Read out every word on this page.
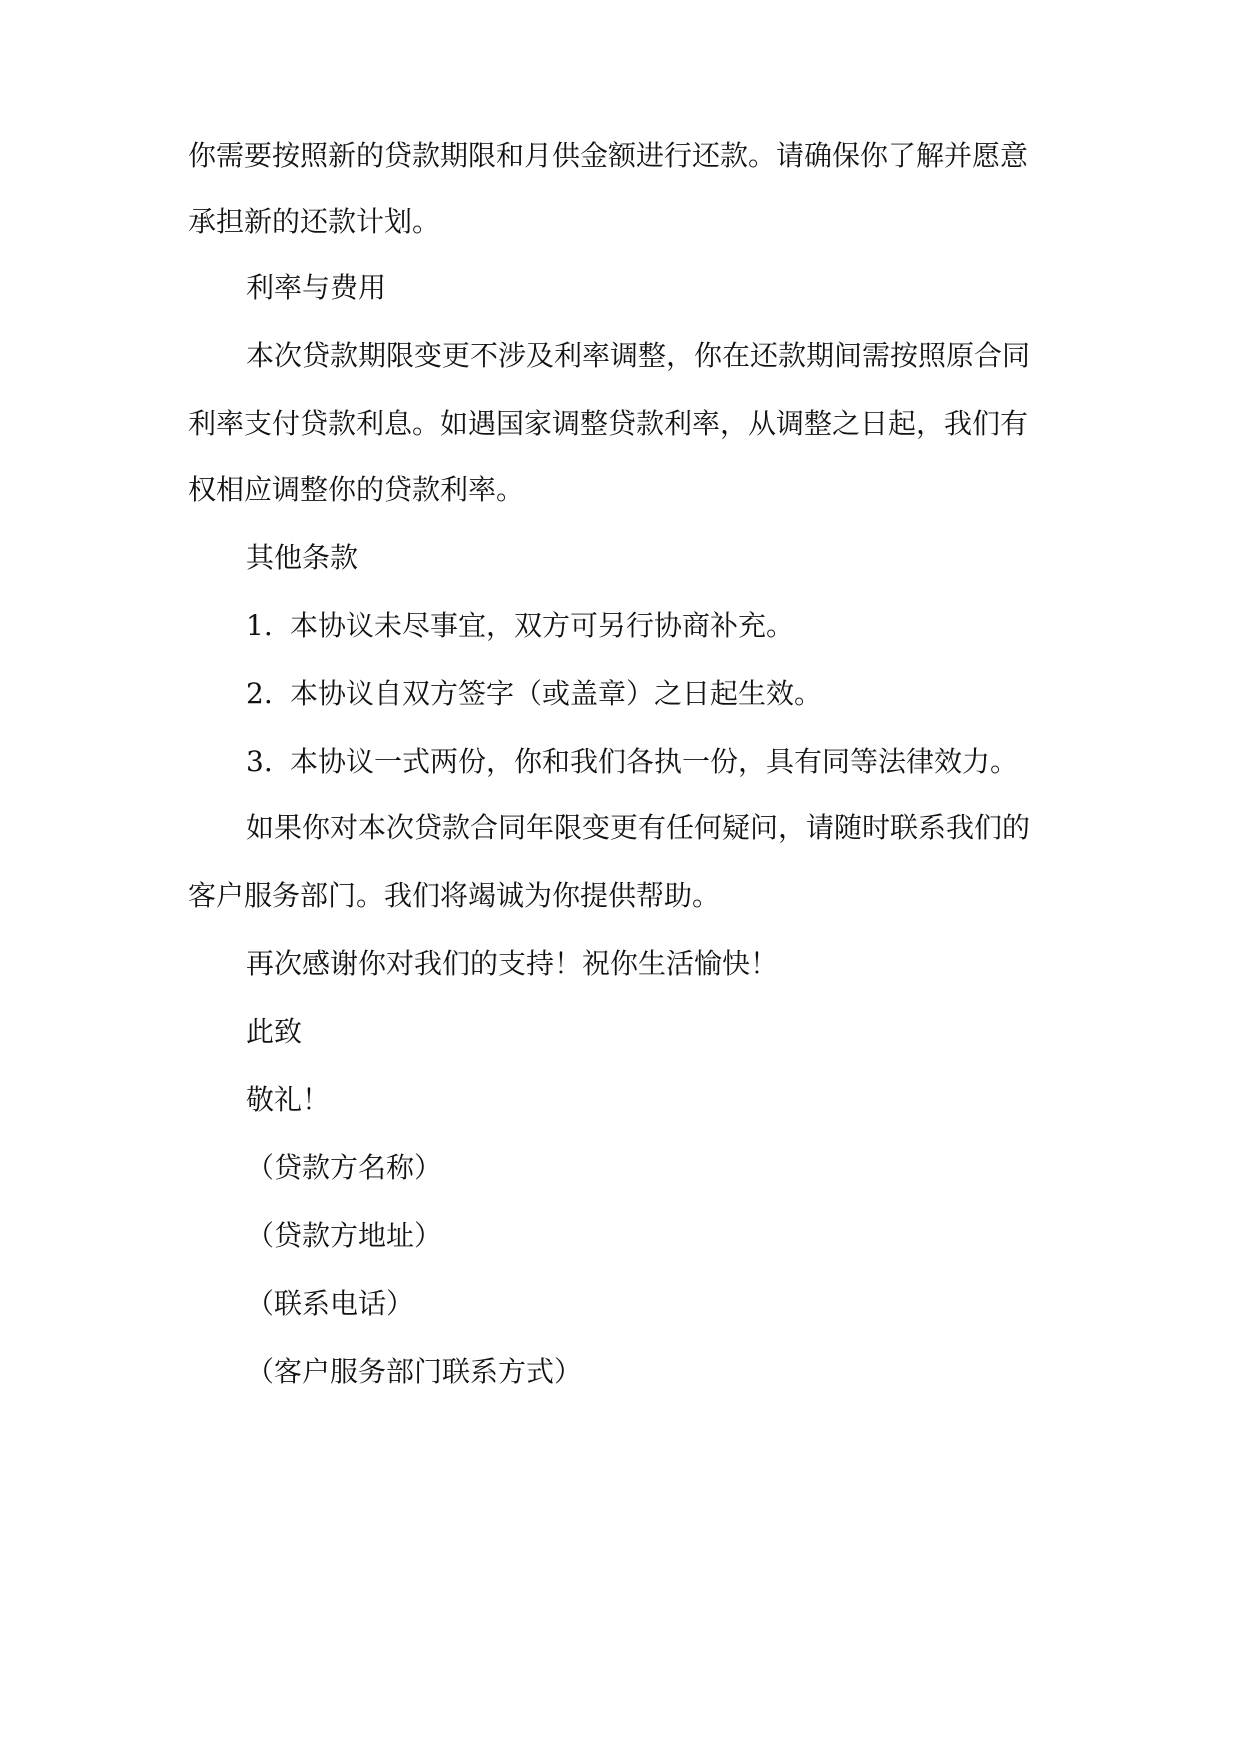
你需要按照新的贷款期限和月供金额进行还款。请确保你了解并愿意

承担新的还款计划。

利率与费用

本次贷款期限变更不涉及利率调整，你在还款期间需按照原合同

利率支付贷款利息。如遇国家调整贷款利率，从调整之日起，我们有

权相应调整你的贷款利率。

其他条款

1. 本协议未尽事宜，双方可另行协商补充。

2. 本协议自双方签字（或盖章）之日起生效。

3. 本协议一式两份，你和我们各执一份，具有同等法律效力。

如果你对本次贷款合同年限变更有任何疑问，请随时联系我们的

客户服务部门。我们将竭诚为你提供帮助。

再次感谢你对我们的支持！祝你生活愉快！

此致

敬礼！

（贷款方名称）

（贷款方地址）

（联系电话）

（客户服务部门联系方式）
